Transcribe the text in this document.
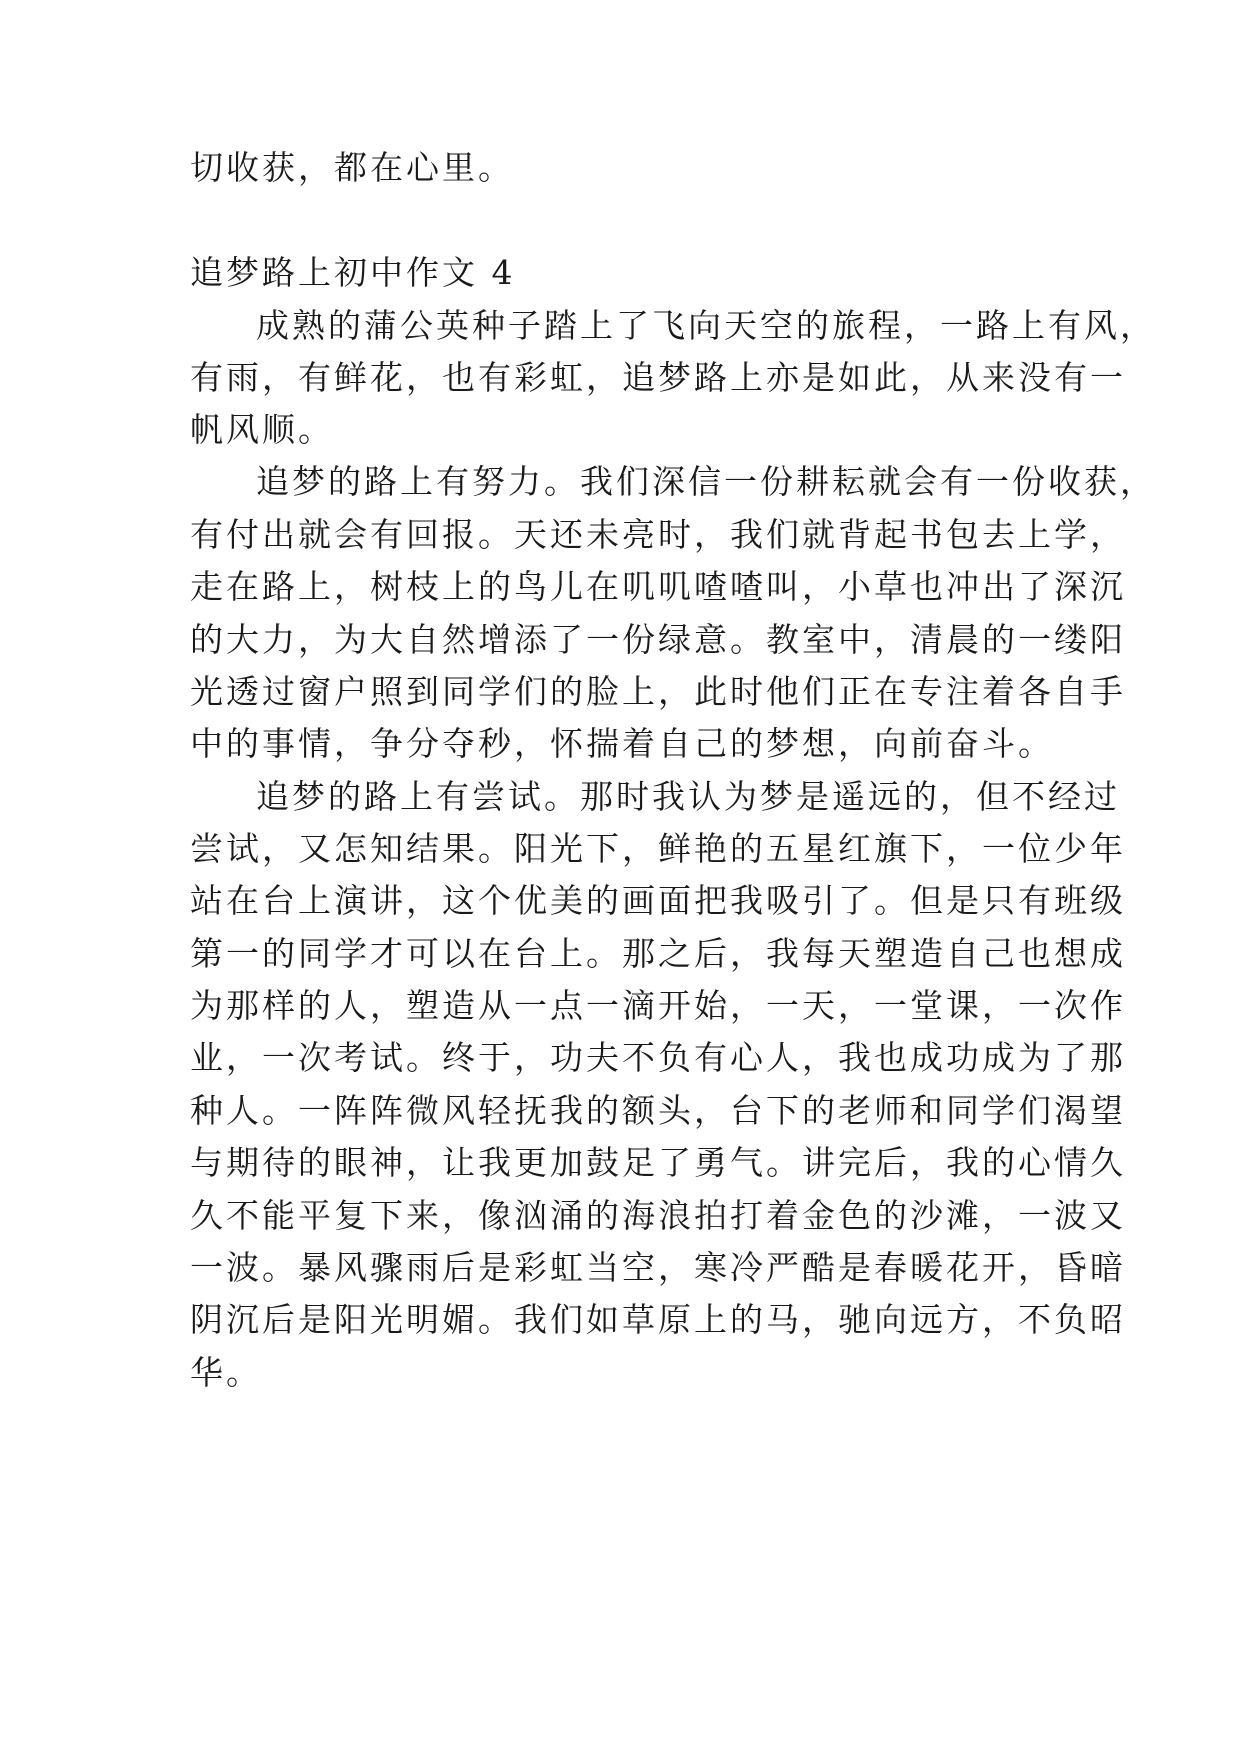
切收获，都在心里。
追梦路上初中作文 4
成熟的蒲公英种子踏上了飞向天空的旅程，一路上有风，
有雨，有鲜花，也有彩虹，追梦路上亦是如此，从来没有一
帆风顺。
追梦的路上有努力。我们深信一份耕耘就会有一份收获，
有付出就会有回报。天还未亮时，我们就背起书包去上学，
走在路上，树枝上的鸟儿在叽叽喳喳叫，小草也冲出了深沉
的大力，为大自然增添了一份绿意。教室中，清晨的一缕阳
光透过窗户照到同学们的脸上，此时他们正在专注着各自手
中的事情，争分夺秒，怀揣着自己的梦想，向前奋斗。
追梦的路上有尝试。那时我认为梦是遥远的，但不经过
尝试，又怎知结果。阳光下，鲜艳的五星红旗下，一位少年
站在台上演讲，这个优美的画面把我吸引了。但是只有班级
第一的同学才可以在台上。那之后，我每天塑造自己也想成
为那样的人，塑造从一点一滴开始，一天，一堂课，一次作
业，一次考试。终于，功夫不负有心人，我也成功成为了那
种人。一阵阵微风轻抚我的额头，台下的老师和同学们渴望
与期待的眼神，让我更加鼓足了勇气。讲完后，我的心情久
久不能平复下来，像汹涌的海浪拍打着金色的沙滩，一波又
一波。暴风骤雨后是彩虹当空，寒冷严酷是春暖花开，昏暗
阴沉后是阳光明媚。我们如草原上的马，驰向远方，不负昭
华。
